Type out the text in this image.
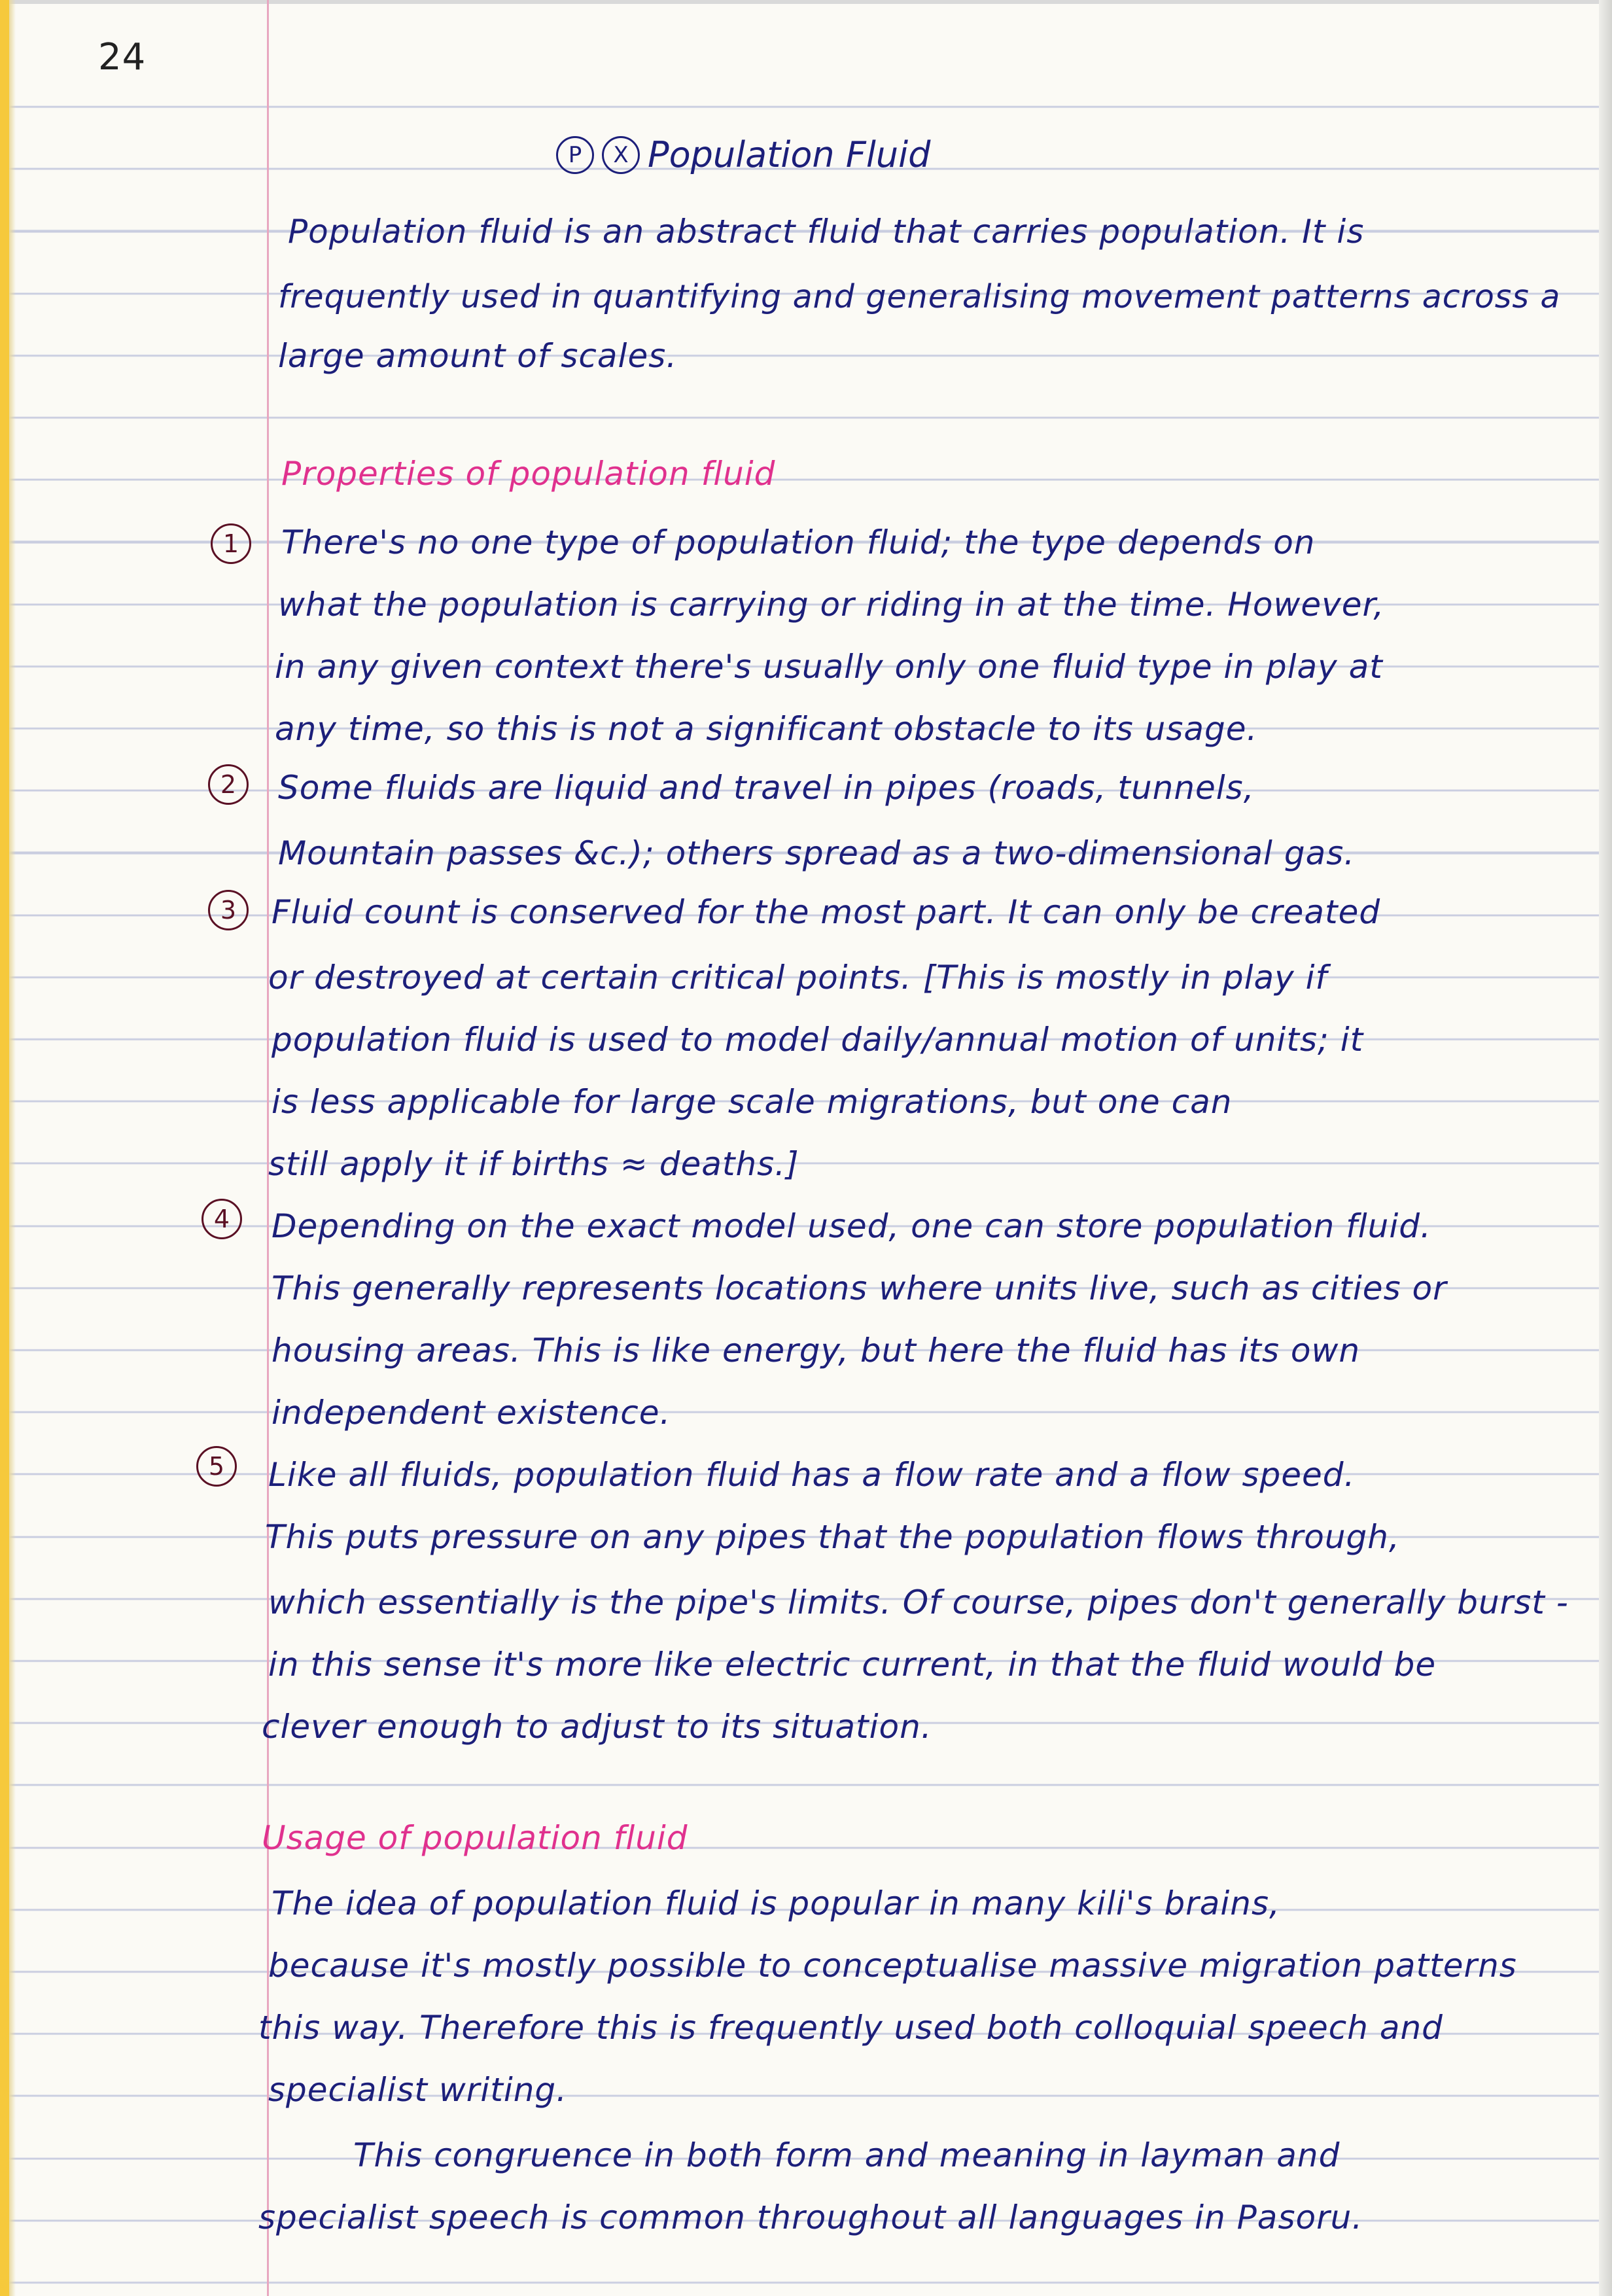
24
P	X Population Fluid
Population fluid is an abstract fluid that carries population. It is
frequently used in quantifying and generalising movement patterns across a
large amount of scales.
Properties of population fluid
1	There's no one type of population fluid; the type depends on
what the population is carrying or riding in at the time. However,
in any given context there's usually only one fluid type in play at
any time, so this is not a significant obstacle to its usage.
2	Some fluids are liquid and travel in pipes (roads, tunnels,
Mountain passes &c.); others spread as a two-dimensional gas.
3	Fluid count is conserved for the most part. It can only be created
or destroyed at certain critical points. [This is mostly in play if
population fluid is used to model daily/annual motion of units; it
is less applicable for large scale migrations, but one can
still apply it if births ≈ deaths.]
4	Depending on the exact model used, one can store population fluid.
This generally represents locations where units live, such as cities or
housing areas. This is like energy, but here the fluid has its own
independent existence.
5	Like all fluids, population fluid has a flow rate and a flow speed.
This puts pressure on any pipes that the population flows through,
which essentially is the pipe's limits. Of course, pipes don't generally burst -
in this sense it's more like electric current, in that the fluid would be
clever enough to adjust to its situation.
Usage of population fluid
The idea of population fluid is popular in many kili's brains,
because it's mostly possible to conceptualise massive migration patterns
this way. Therefore this is frequently used both colloquial speech and
specialist writing.
This congruence in both form and meaning in layman and
specialist speech is common throughout all languages in Pasoru.
